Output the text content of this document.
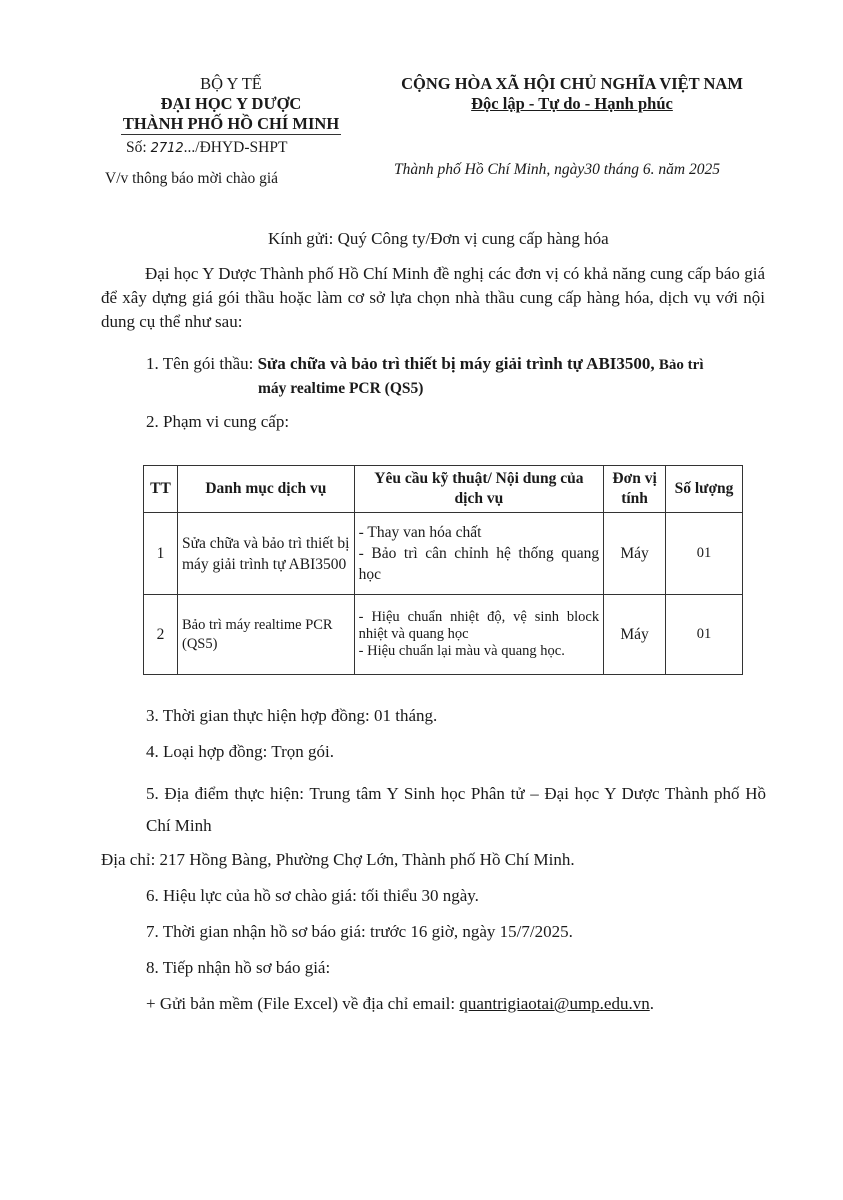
BỘ Y TẾ
ĐẠI HỌC Y DƯỢC
THÀNH PHỐ HỒ CHÍ MINH
Số: 2712.../ĐHYD-SHPT
V/v thông báo mời chào giá
CỘNG HÒA XÃ HỘI CHỦ NGHĨA VIỆT NAM
Độc lập - Tự do - Hạnh phúc
Thành phố Hồ Chí Minh, ngày30 tháng 6. năm 2025
Kính gửi: Quý Công ty/Đơn vị cung cấp hàng hóa
Đại học Y Dược Thành phố Hồ Chí Minh đề nghị các đơn vị có khả năng cung cấp báo giá để xây dựng giá gói thầu hoặc làm cơ sở lựa chọn nhà thầu cung cấp hàng hóa, dịch vụ với nội dung cụ thể như sau:
1. Tên gói thầu: Sửa chữa và bảo trì thiết bị máy giải trình tự ABI3500, Bảo trì
máy realtime PCR (QS5)
2. Phạm vi cung cấp:
TT	Danh mục dịch vụ	Yêu cầu kỹ thuật/ Nội dung của dịch vụ	Đơn vị tính	Số lượng
1	Sửa chữa và bảo trì thiết bị máy giải trình tự ABI3500	- Thay van hóa chất
- Bảo trì cân chỉnh hệ thống quang học	Máy	01
2	Bảo trì máy realtime PCR (QS5)	- Hiệu chuẩn nhiệt độ, vệ sinh block nhiệt và quang học
- Hiệu chuẩn lại màu và quang học.	Máy	01
3. Thời gian thực hiện hợp đồng: 01 tháng.
4. Loại hợp đồng: Trọn gói.
5. Địa điểm thực hiện: Trung tâm Y Sinh học Phân tử – Đại học Y Dược Thành phố Hồ Chí Minh
Địa chỉ: 217 Hồng Bàng, Phường Chợ Lớn, Thành phố Hồ Chí Minh.
6. Hiệu lực của hồ sơ chào giá: tối thiểu 30 ngày.
7. Thời gian nhận hồ sơ báo giá: trước 16 giờ, ngày 15/7/2025.
8. Tiếp nhận hồ sơ báo giá:
+ Gửi bản mềm (File Excel) về địa chỉ email: quantrigiaotai@ump.edu.vn.
